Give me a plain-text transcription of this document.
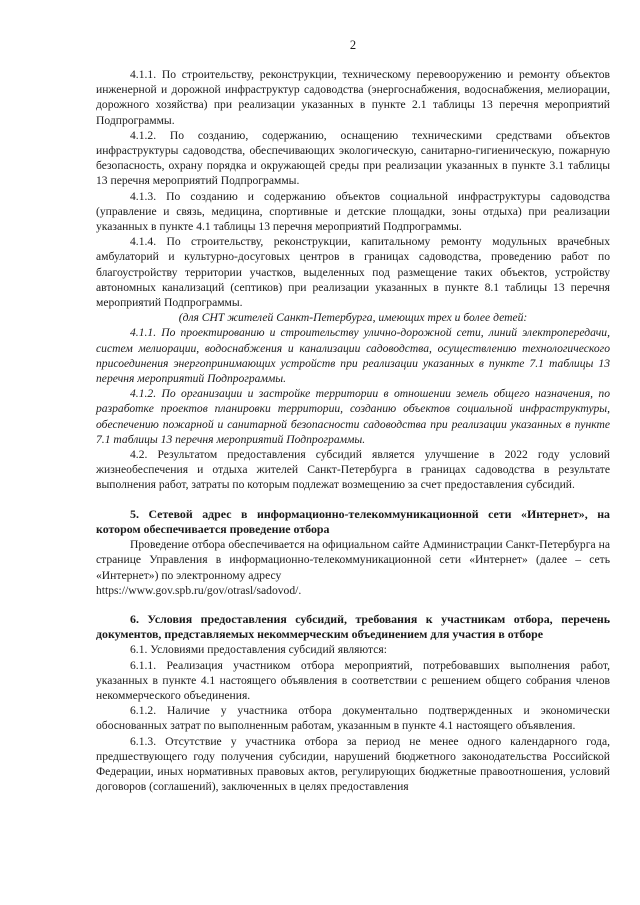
2

4.1.1. По строительству, реконструкции, техническому перевооружению и ремонту объектов инженерной и дорожной инфраструктур садоводства (энергоснабжения, водоснабжения, мелиорации, дорожного хозяйства) при реализации указанных в пункте 2.1 таблицы 13 перечня мероприятий Подпрограммы.

4.1.2. По созданию, содержанию, оснащению техническими средствами объектов инфраструктуры садоводства, обеспечивающих экологическую, санитарно-гигиеническую, пожарную безопасность, охрану порядка и окружающей среды при реализации указанных в пункте 3.1 таблицы 13 перечня мероприятий Подпрограммы.

4.1.3. По созданию и содержанию объектов социальной инфраструктуры садоводства (управление и связь, медицина, спортивные и детские площадки, зоны отдыха) при реализации указанных в пункте 4.1 таблицы 13 перечня мероприятий Подпрограммы.

4.1.4. По строительству, реконструкции, капитальному ремонту модульных врачебных амбулаторий и культурно-досуговых центров в границах садоводства, проведению работ по благоустройству территории участков, выделенных под размещение таких объектов, устройству автономных канализаций (септиков) при реализации указанных в пункте 8.1 таблицы 13 перечня мероприятий Подпрограммы.

(для СНТ жителей Санкт-Петербурга, имеющих трех и более детей:

4.1.1. По проектированию и строительству улично-дорожной сети, линий электропередачи, систем мелиорации, водоснабжения и канализации садоводства, осуществлению технологического присоединения энергопринимающих устройств при реализации указанных в пункте 7.1 таблицы 13 перечня мероприятий Подпрограммы.

4.1.2. По организации и застройке территории в отношении земель общего назначения, по разработке проектов планировки территории, созданию объектов социальной инфраструктуры, обеспечению пожарной и санитарной безопасности садоводства при реализации указанных в пункте 7.1 таблицы 13 перечня мероприятий Подпрограммы.

4.2. Результатом предоставления субсидий является улучшение в 2022 году условий жизнеобеспечения и отдыха жителей Санкт-Петербурга в границах садоводства в результате выполнения работ, затраты по которым подлежат возмещению за счет предоставления субсидий.

5. Сетевой адрес в информационно-телекоммуникационной сети «Интернет», на котором обеспечивается проведение отбора

Проведение отбора обеспечивается на официальном сайте Администрации Санкт-Петербурга на странице Управления в информационно-телекоммуникационной сети «Интернет» (далее – сеть «Интернет») по электронному адресу

https://www.gov.spb.ru/gov/otrasl/sadovod/.

6. Условия предоставления субсидий, требования к участникам отбора, перечень документов, представляемых некоммерческим объединением для участия в отборе

6.1. Условиями предоставления субсидий являются:

6.1.1. Реализация участником отбора мероприятий, потребовавших выполнения работ, указанных в пункте 4.1 настоящего объявления в соответствии с решением общего собрания членов некоммерческого объединения.

6.1.2. Наличие у участника отбора документально подтвержденных и экономически обоснованных затрат по выполненным работам, указанным в пункте 4.1 настоящего объявления.

6.1.3. Отсутствие у участника отбора за период не менее одного календарного года, предшествующего году получения субсидии, нарушений бюджетного законодательства Российской Федерации, иных нормативных правовых актов, регулирующих бюджетные правоотношения, условий договоров (соглашений), заключенных в целях предоставления
